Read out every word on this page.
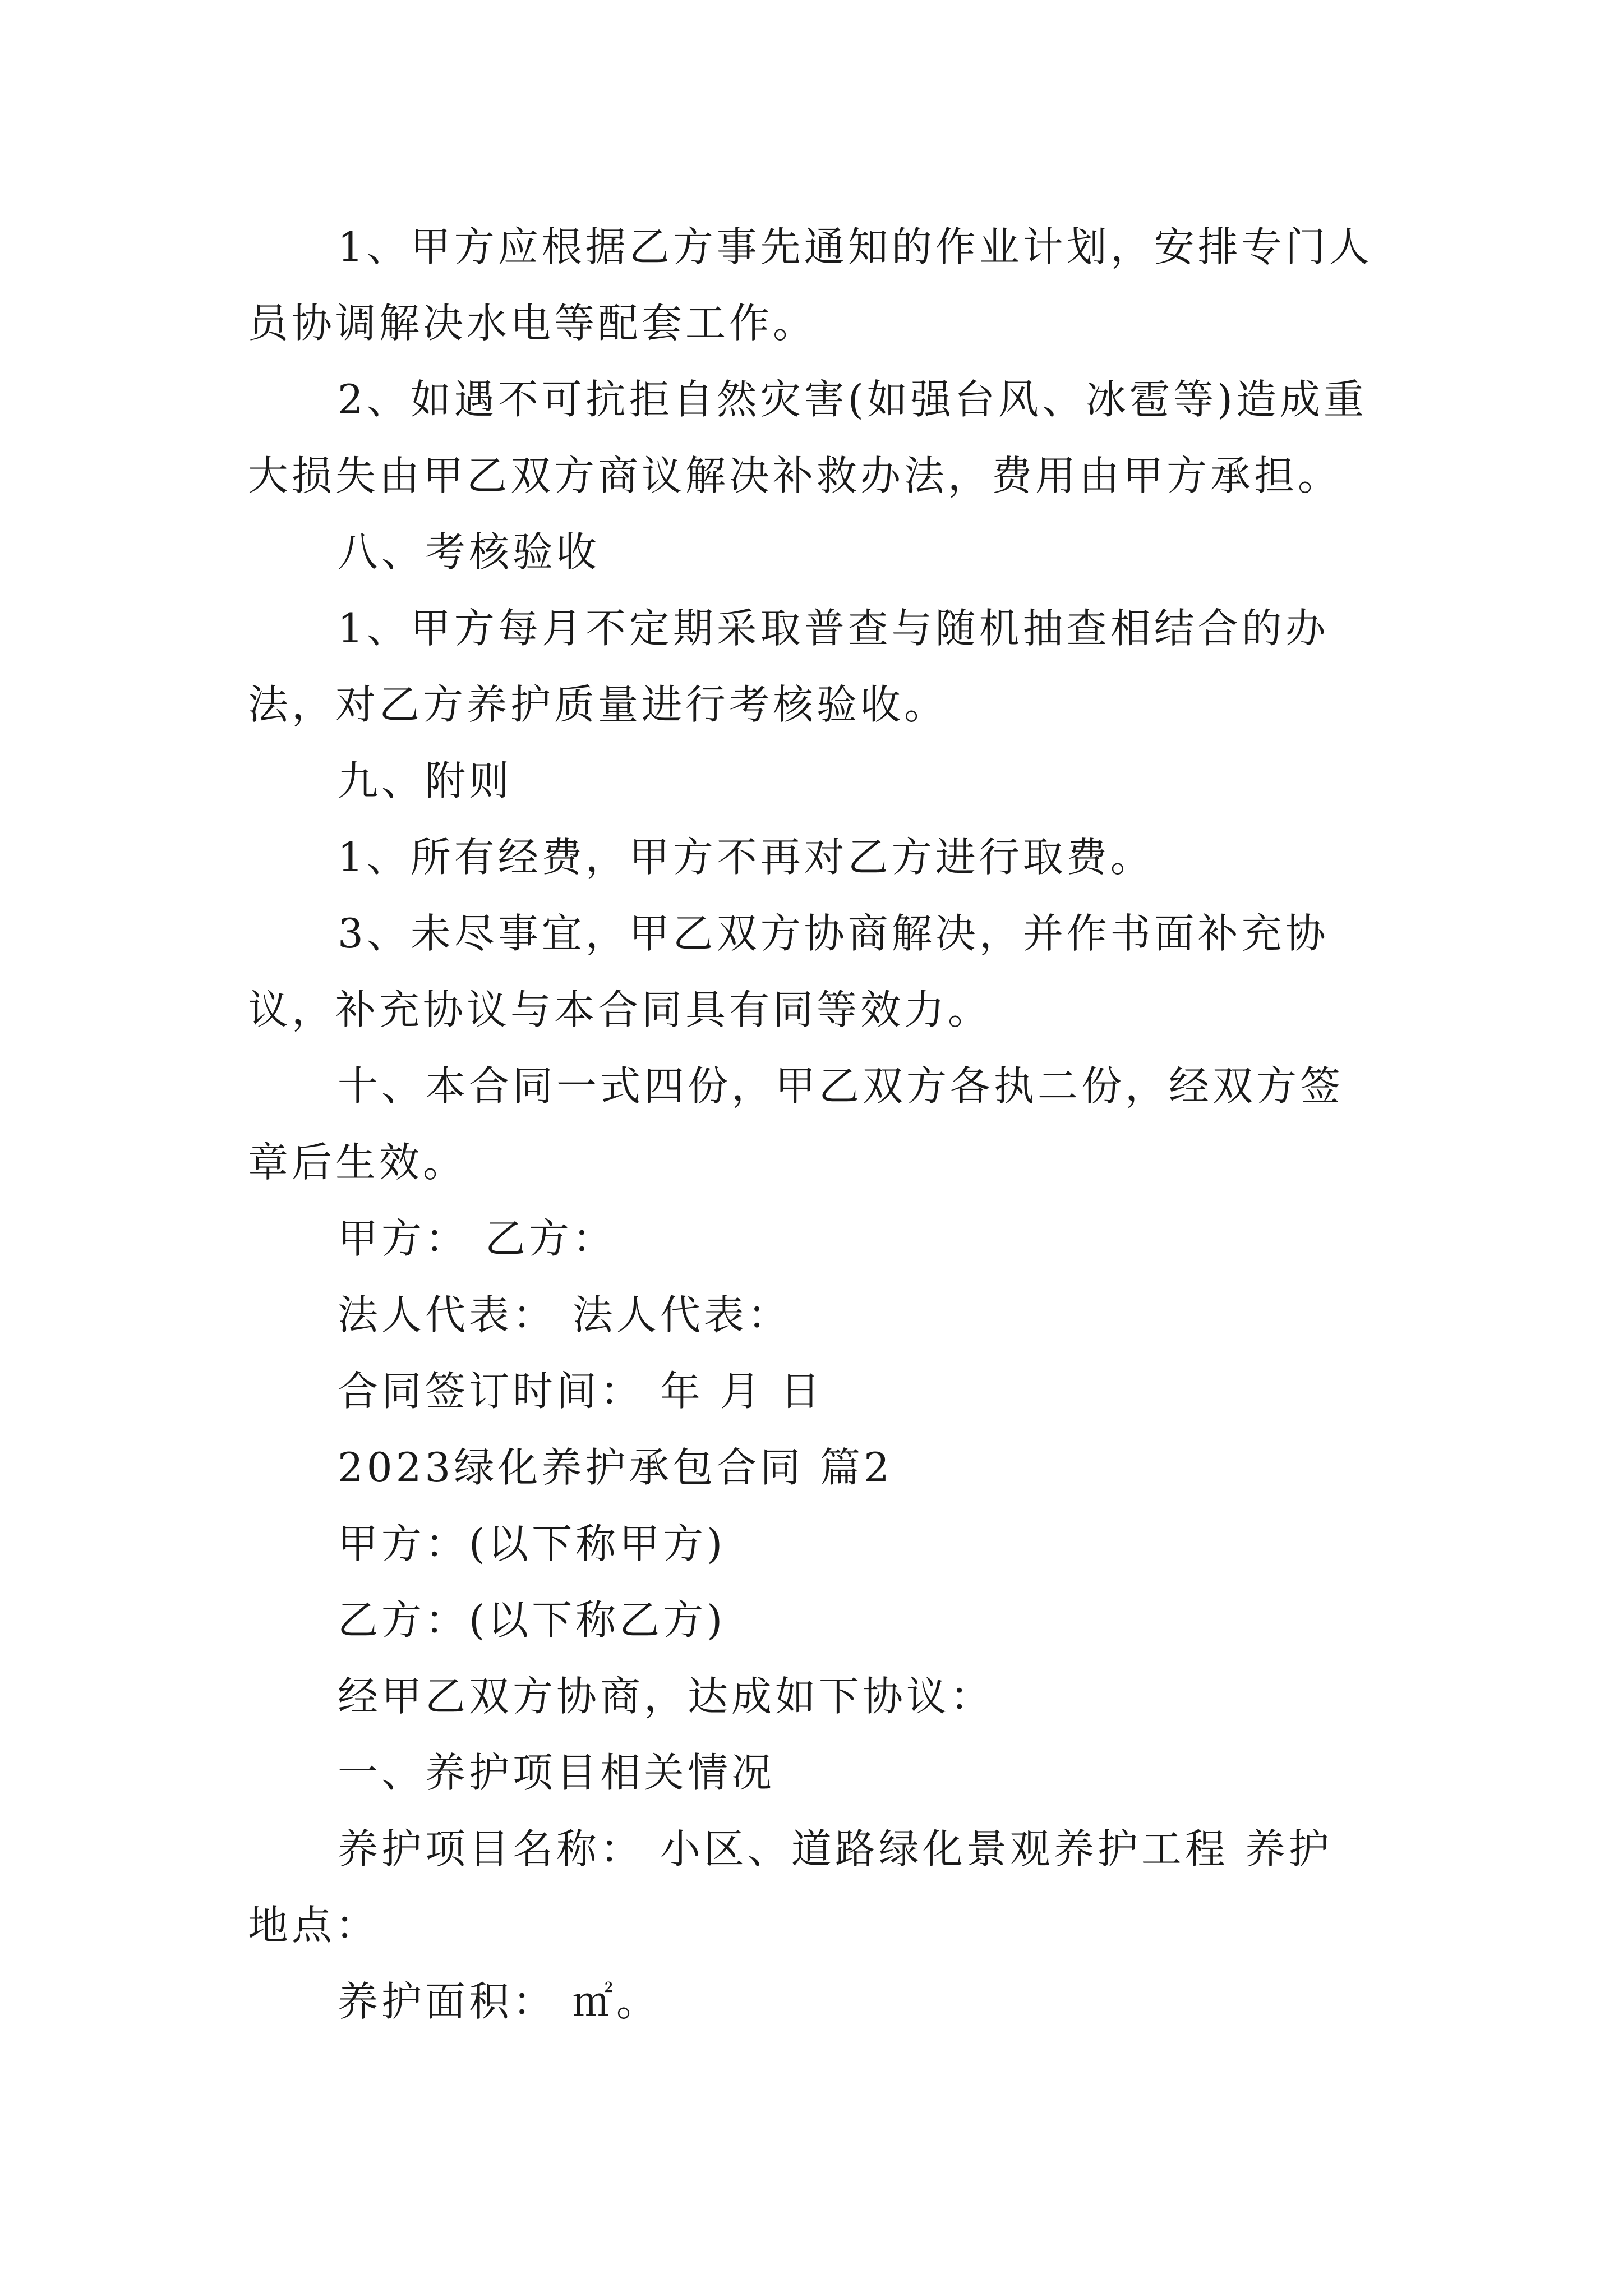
1、甲方应根据乙方事先通知的作业计划，安排专门人员协调解决水电等配套工作。

2、如遇不可抗拒自然灾害(如强台风、冰雹等)造成重大损失由甲乙双方商议解决补救办法，费用由甲方承担。

八、考核验收

1、甲方每月不定期采取普查与随机抽查相结合的办法，对乙方养护质量进行考核验收。

九、附则

1、所有经费，甲方不再对乙方进行取费。

3、未尽事宜，甲乙双方协商解决，并作书面补充协议，补充协议与本合同具有同等效力。

十、本合同一式四份，甲乙双方各执二份，经双方签章后生效。

甲方： 乙方：

法人代表： 法人代表：

合同签订时间： 年 月 日

2023绿化养护承包合同 篇2

甲方：(以下称甲方)

乙方：(以下称乙方)

经甲乙双方协商，达成如下协议：

一、养护项目相关情况

养护项目名称： 小区、道路绿化景观养护工程 养护地点：

养护面积： ㎡。
